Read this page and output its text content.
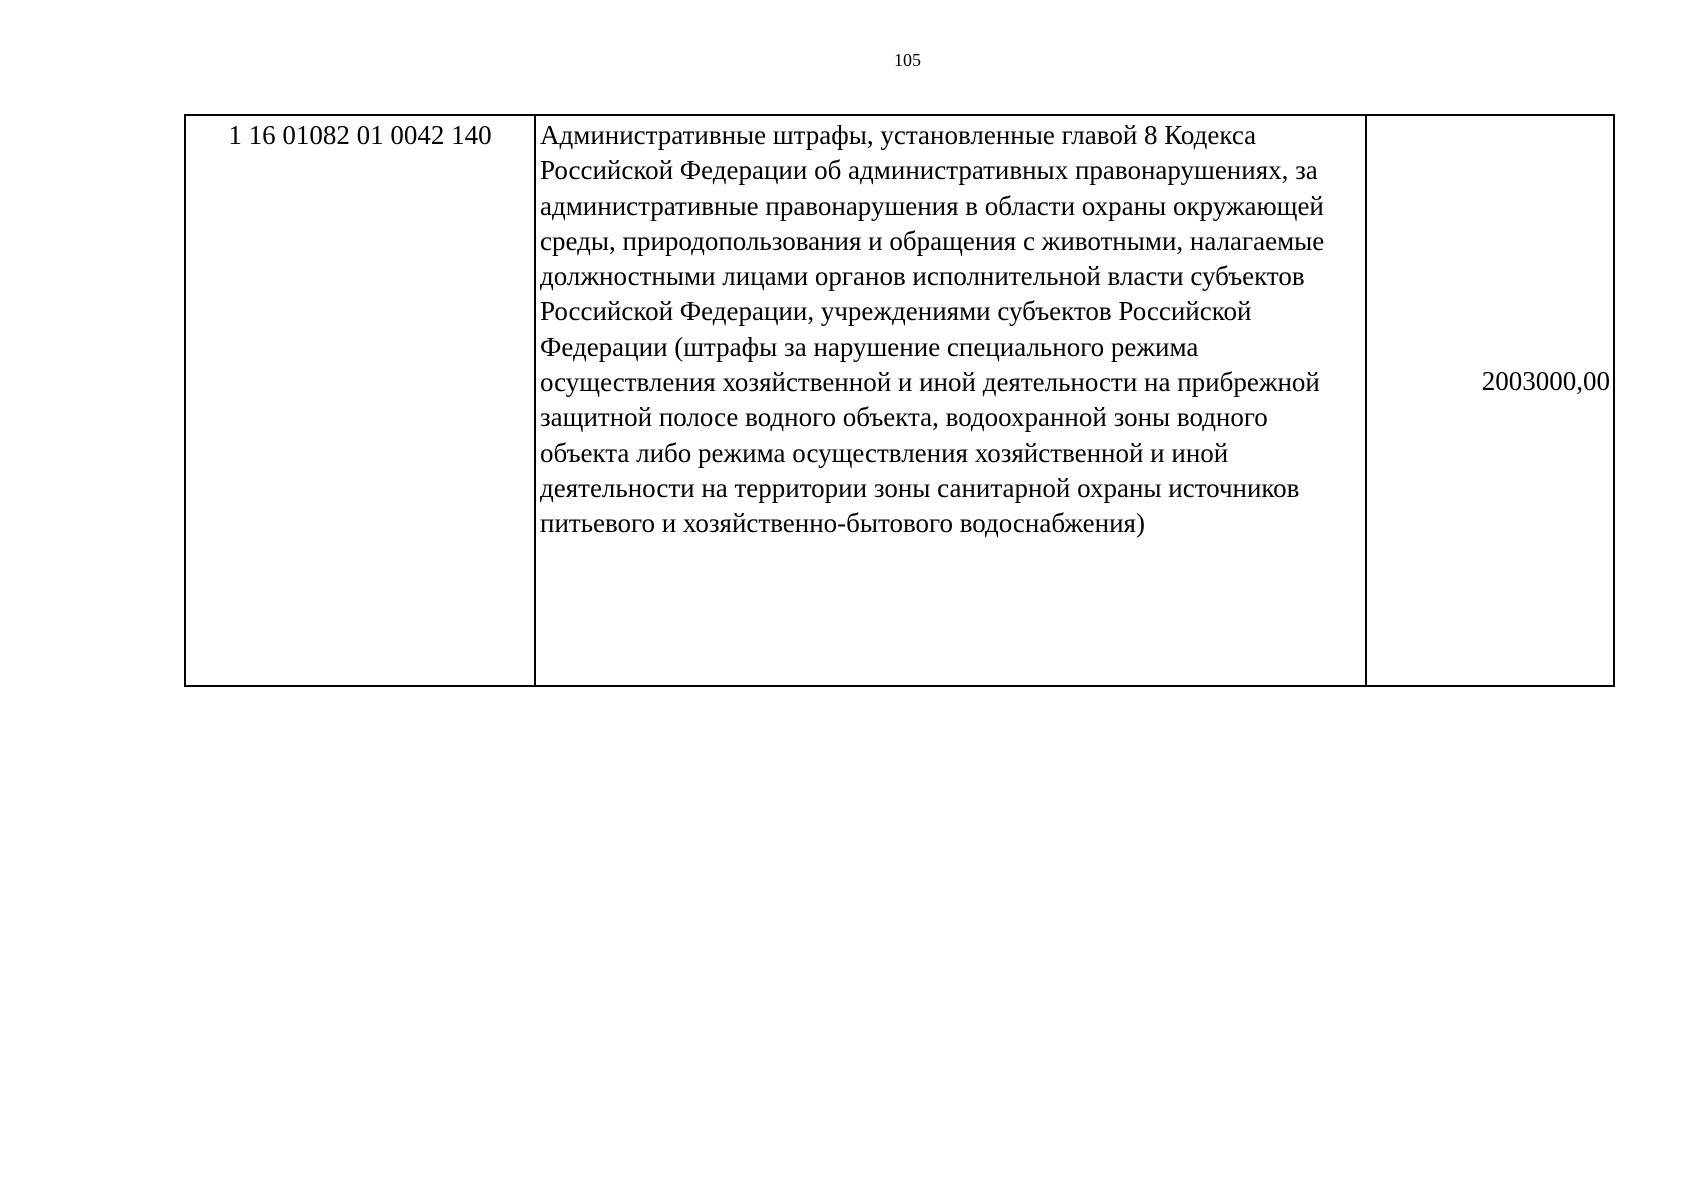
105
1 16 01082 01 0042 140	Административные штрафы, установленные главой 8 Кодекса Российской Федерации об административных правонарушениях, за административные правонарушения в области охраны окружающей среды, природопользования и обращения с животными, налагаемые должностными лицами органов исполнительной власти субъектов Российской Федерации, учреждениями субъектов Российской Федерации (штрафы за нарушение специального режима осуществления хозяйственной и иной деятельности на прибрежной защитной полосе водного объекта, водоохранной зоны водного объекта либо режима осуществления хозяйственной и иной деятельности на территории зоны санитарной охраны источников питьевого и хозяйственно-бытового водоснабжения)	2003000,00
